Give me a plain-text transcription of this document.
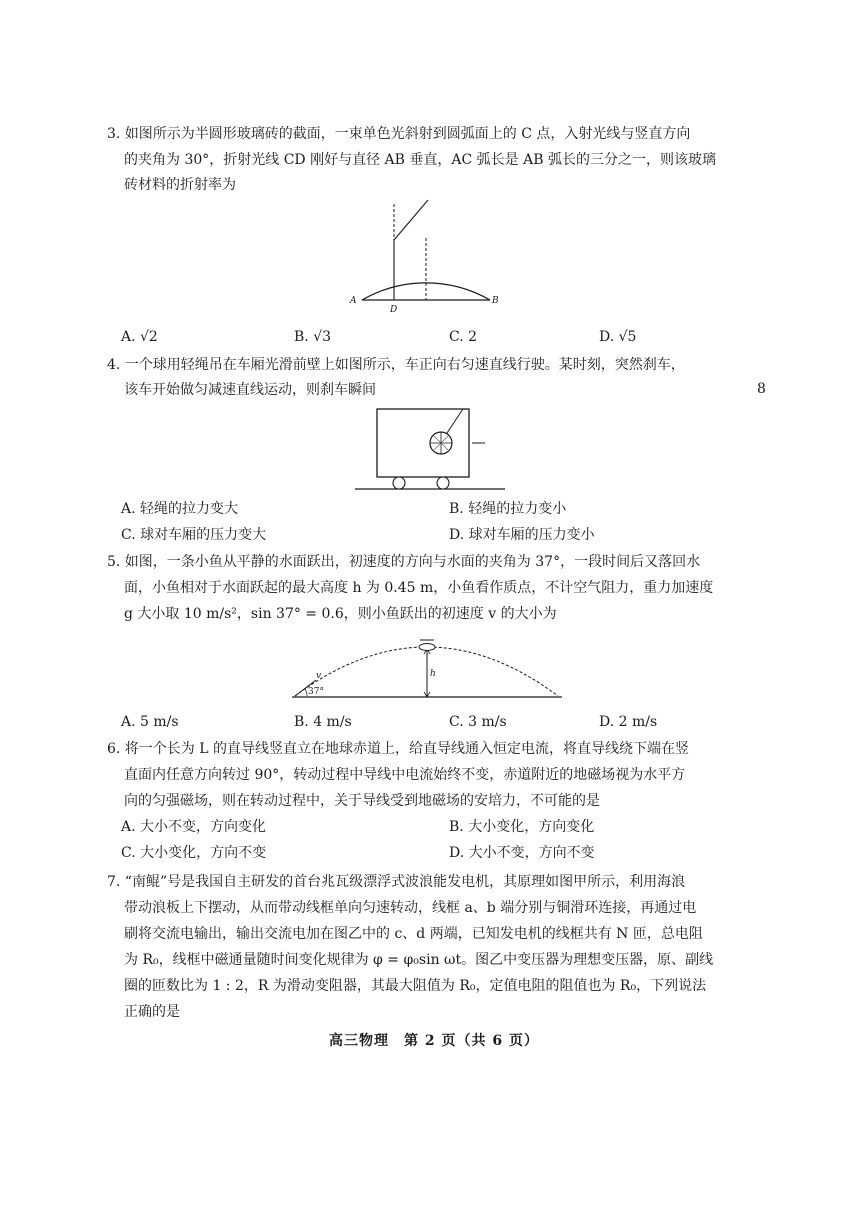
8
3. 如图所示为半圆形玻璃砖的截面，一束单色光斜射到圆弧面上的 C 点，入射光线与竖直方向
的夹角为 30°，折射光线 CD 刚好与直径 AB 垂直，AC 弧长是 AB 弧长的三分之一，则该玻璃
砖材料的折射率为
A
D
B
A. √2	B. √3	C. 2	D. √5
4. 一个球用轻绳吊在车厢光滑前壁上如图所示，车正向右匀速直线行驶。某时刻，突然刹车，
该车开始做匀减速直线运动，则刹车瞬间
A. 轻绳的拉力变大	B. 轻绳的拉力变小
C. 球对车厢的压力变大	D. 球对车厢的压力变小
5. 如图，一条小鱼从平静的水面跃出，初速度的方向与水面的夹角为 37°，一段时间后又落回水
面，小鱼相对于水面跃起的最大高度 h 为 0.45 m，小鱼看作质点，不计空气阻力，重力加速度
g 大小取 10 m/s²，sin 37° = 0.6，则小鱼跃出的初速度 v 的大小为
v
37°
h
A. 5 m/s	B. 4 m/s	C. 3 m/s	D. 2 m/s
6. 将一个长为 L 的直导线竖直立在地球赤道上，给直导线通入恒定电流，将直导线绕下端在竖
直面内任意方向转过 90°，转动过程中导线中电流始终不变，赤道附近的地磁场视为水平方
向的匀强磁场，则在转动过程中，关于导线受到地磁场的安培力，不可能的是
A. 大小不变，方向变化	B. 大小变化，方向变化
C. 大小变化，方向不变	D. 大小不变，方向不变
7. “南鲲”号是我国自主研发的首台兆瓦级漂浮式波浪能发电机，其原理如图甲所示，利用海浪
带动浪板上下摆动，从而带动线框单向匀速转动，线框 a、b 端分别与铜滑环连接，再通过电
刷将交流电输出，输出交流电加在图乙中的 c、d 两端，已知发电机的线框共有 N 匝，总电阻
为 R₀，线框中磁通量随时间变化规律为 φ = φ₀sin ωt。图乙中变压器为理想变压器，原、副线
圈的匝数比为 1 : 2，R 为滑动变阻器，其最大阻值为 R₀，定值电阻的阻值也为 R₀，下列说法
正确的是
高三物理　第 2 页（共 6 页）
